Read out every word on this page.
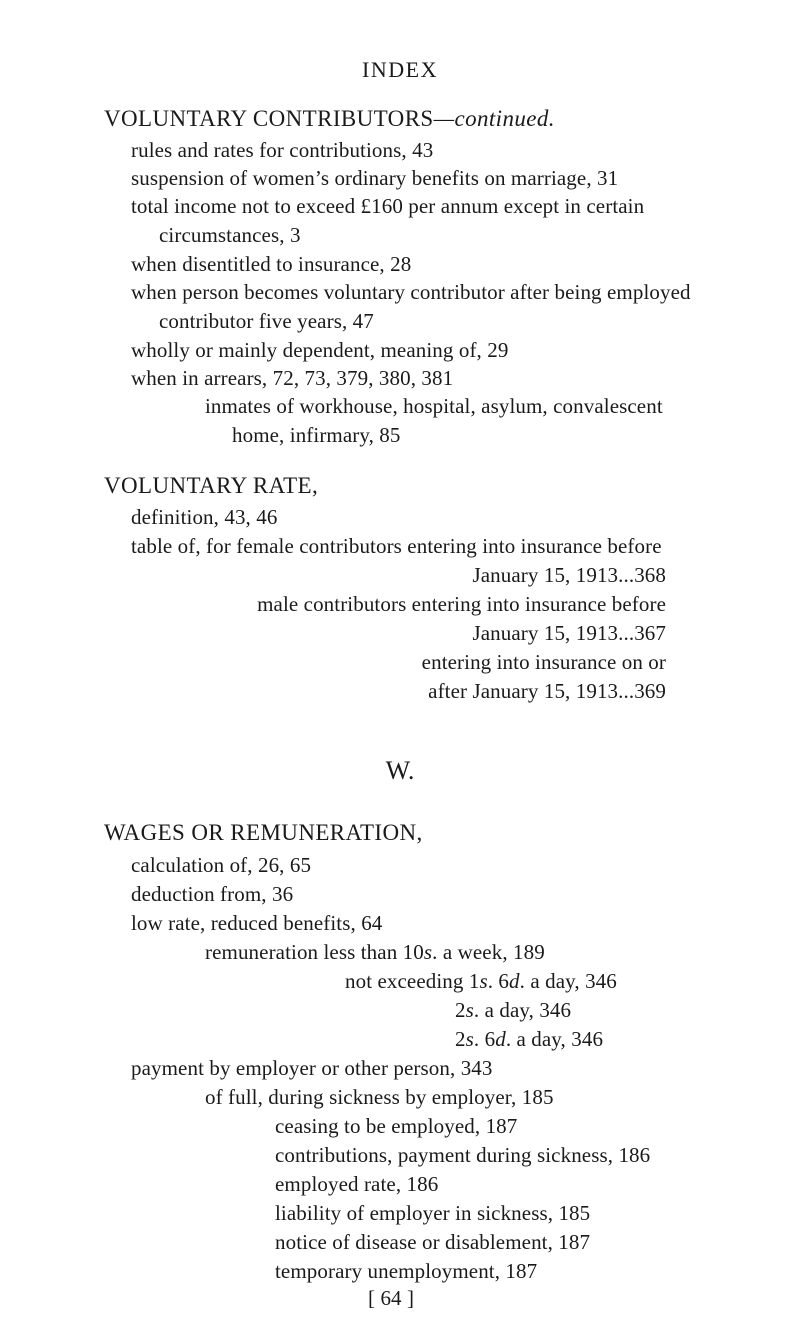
INDEX
VOLUNTARY CONTRIBUTORS—continued.
rules and rates for contributions, 43
suspension of women’s ordinary benefits on marriage, 31
total income not to exceed £160 per annum except in certain
circumstances, 3
when disentitled to insurance, 28
when person becomes voluntary contributor after being employed
contributor five years, 47
wholly or mainly dependent, meaning of, 29
when in arrears, 72, 73, 379, 380, 381
inmates of workhouse, hospital, asylum, convalescent
home, infirmary, 85
VOLUNTARY RATE,
definition, 43, 46
table of, for female contributors entering into insurance before
January 15, 1913...368
male contributors entering into insurance before
January 15, 1913...367
entering into insurance on or
after January 15, 1913...369
W.
WAGES OR REMUNERATION,
calculation of, 26, 65
deduction from, 36
low rate, reduced benefits, 64
remuneration less than 10s. a week, 189
not exceeding 1s. 6d. a day, 346
2s. a day, 346
2s. 6d. a day, 346
payment by employer or other person, 343
of full, during sickness by employer, 185
ceasing to be employed, 187
contributions, payment during sickness, 186
employed rate, 186
liability of employer in sickness, 185
notice of disease or disablement, 187
temporary unemployment, 187
[ 64 ]
